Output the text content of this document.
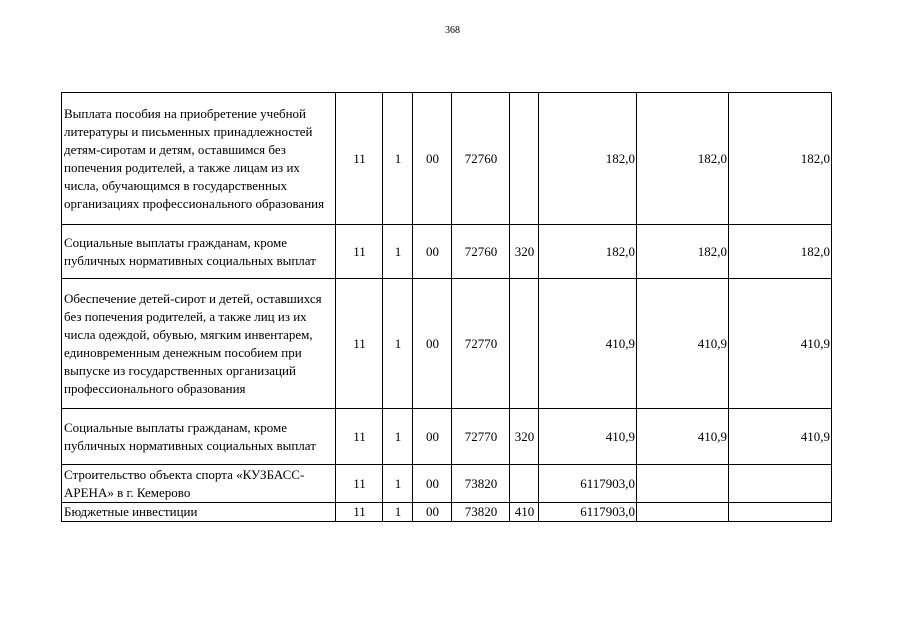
368
Выплата пособия на приобретение учебной литературы и письменных принадлежностей детям-сиротам и детям, оставшимся без попечения родителей, а также лицам из их числа, обучающимся в государственных организациях профессионального образования	11	1	00	72760		182,0	182,0	182,0
Социальные выплаты гражданам, кроме публичных нормативных социальных выплат	11	1	00	72760	320	182,0	182,0	182,0
Обеспечение детей-сирот и детей, оставшихся без попечения родителей, а также лиц из их числа одеждой, обувью, мягким инвентарем, единовременным денежным пособием при выпуске из государственных организаций профессионального образования	11	1	00	72770		410,9	410,9	410,9
Социальные выплаты гражданам, кроме публичных нормативных социальных выплат	11	1	00	72770	320	410,9	410,9	410,9
Строительство объекта спорта «КУЗБАСС-АРЕНА» в г. Кемерово	11	1	00	73820		6117903,0		
Бюджетные инвестиции	11	1	00	73820	410	6117903,0		
